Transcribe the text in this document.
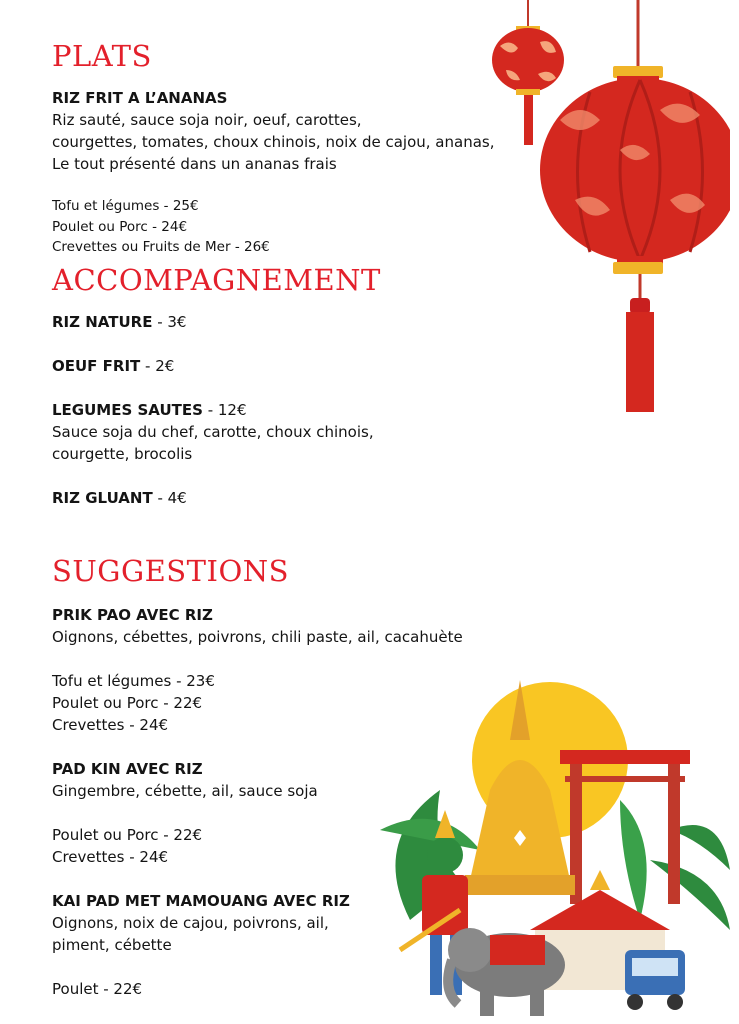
PLATS
RIZ FRIT A L’ANANAS
Riz sauté, sauce soja noir, oeuf, carottes,
courgettes, tomates, choux chinois, noix de cajou, ananas,
Le tout présenté dans un ananas frais
Tofu et légumes - 25€
Poulet ou Porc - 24€
Crevettes ou Fruits de Mer - 26€
ACCOMPAGNEMENT
RIZ NATURE - 3€
OEUF FRIT - 2€
LEGUMES SAUTES - 12€
Sauce soja du chef, carotte, choux chinois,
courgette, brocolis
RIZ GLUANT - 4€
SUGGESTIONS
PRIK PAO AVEC RIZ
Oignons, cébettes, poivrons, chili paste, ail, cacahuète
Tofu et légumes - 23€
Poulet ou Porc - 22€
Crevettes - 24€
PAD KIN AVEC RIZ
Gingembre, cébette, ail, sauce soja
Poulet ou Porc - 22€
Crevettes - 24€
KAI PAD MET MAMOUANG AVEC RIZ
Oignons, noix de cajou, poivrons, ail,
piment, cébette
Poulet - 22€
